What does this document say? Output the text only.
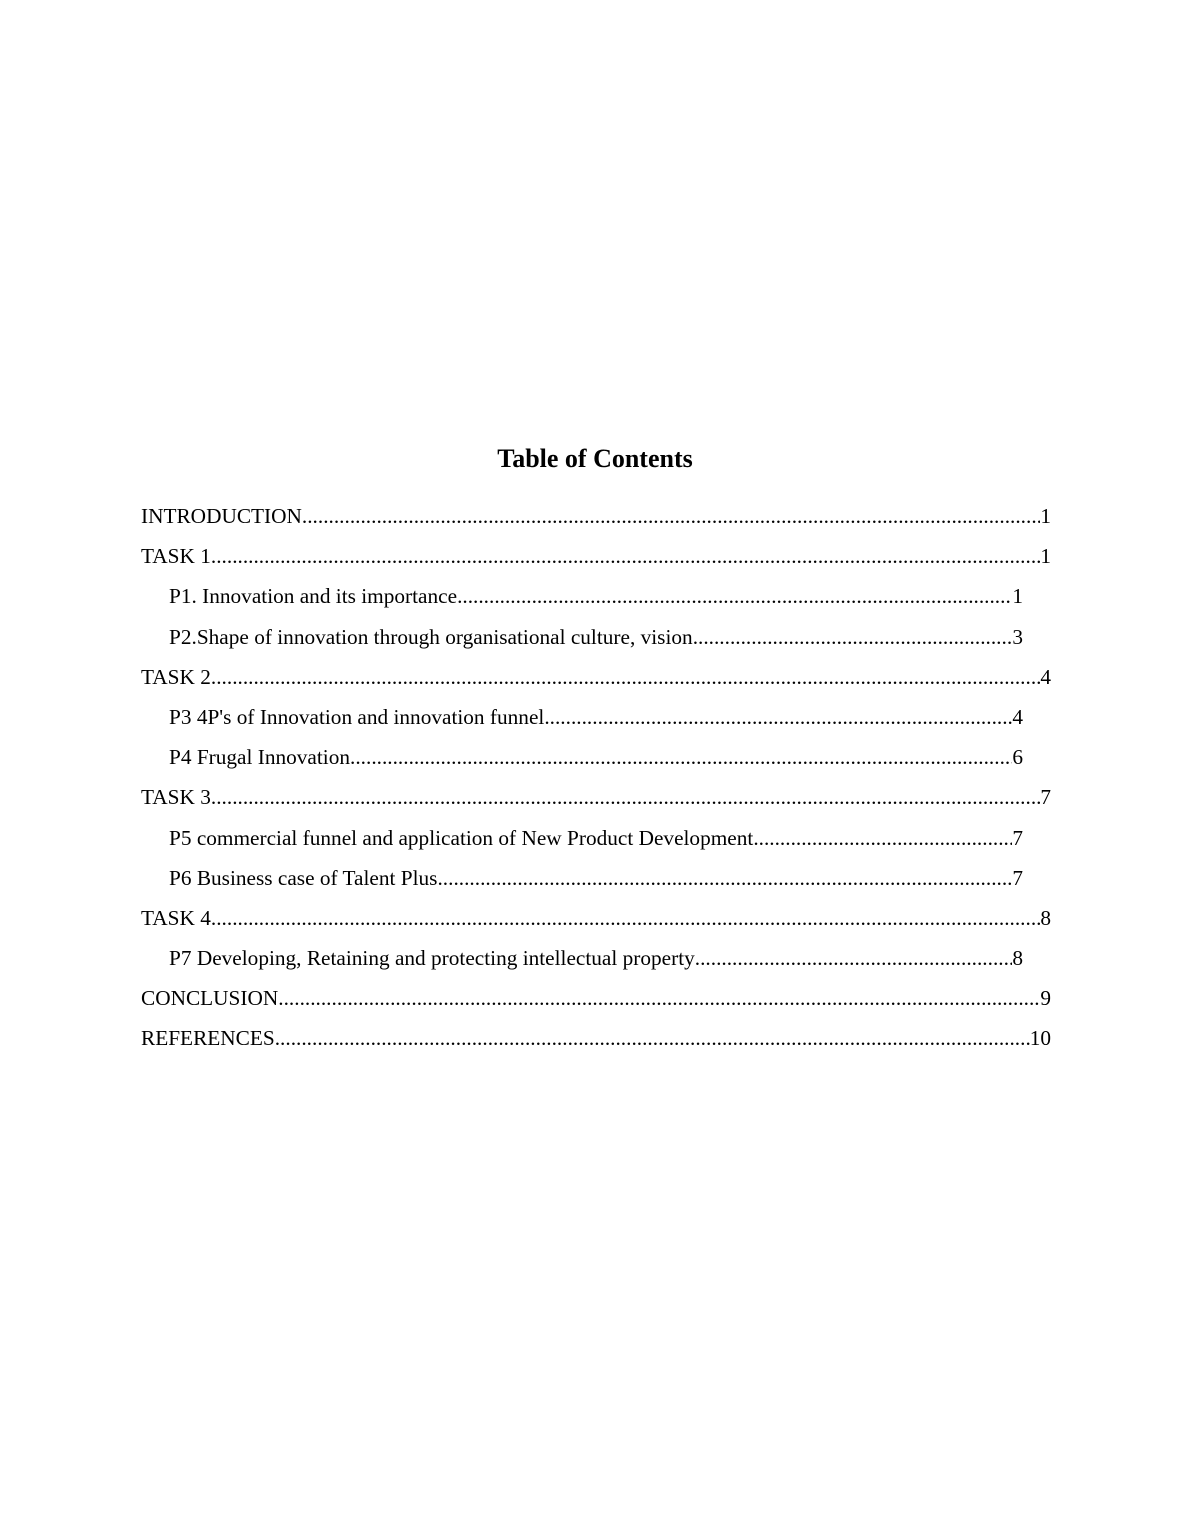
Table of Contents
INTRODUCTION .....	1
TASK 1 .....	1
P1. Innovation and its importance .....	1
P2.Shape of innovation through organisational culture, vision .....	3
TASK 2 .....	4
P3 4P's of Innovation and innovation funnel .....	4
P4 Frugal Innovation .....	6
TASK 3 .....	7
P5 commercial funnel and application of New Product Development .....	7
P6 Business case of Talent Plus .....	7
TASK 4 .....	8
P7 Developing, Retaining and protecting intellectual property .....	8
CONCLUSION .....	9
REFERENCES .....	10
